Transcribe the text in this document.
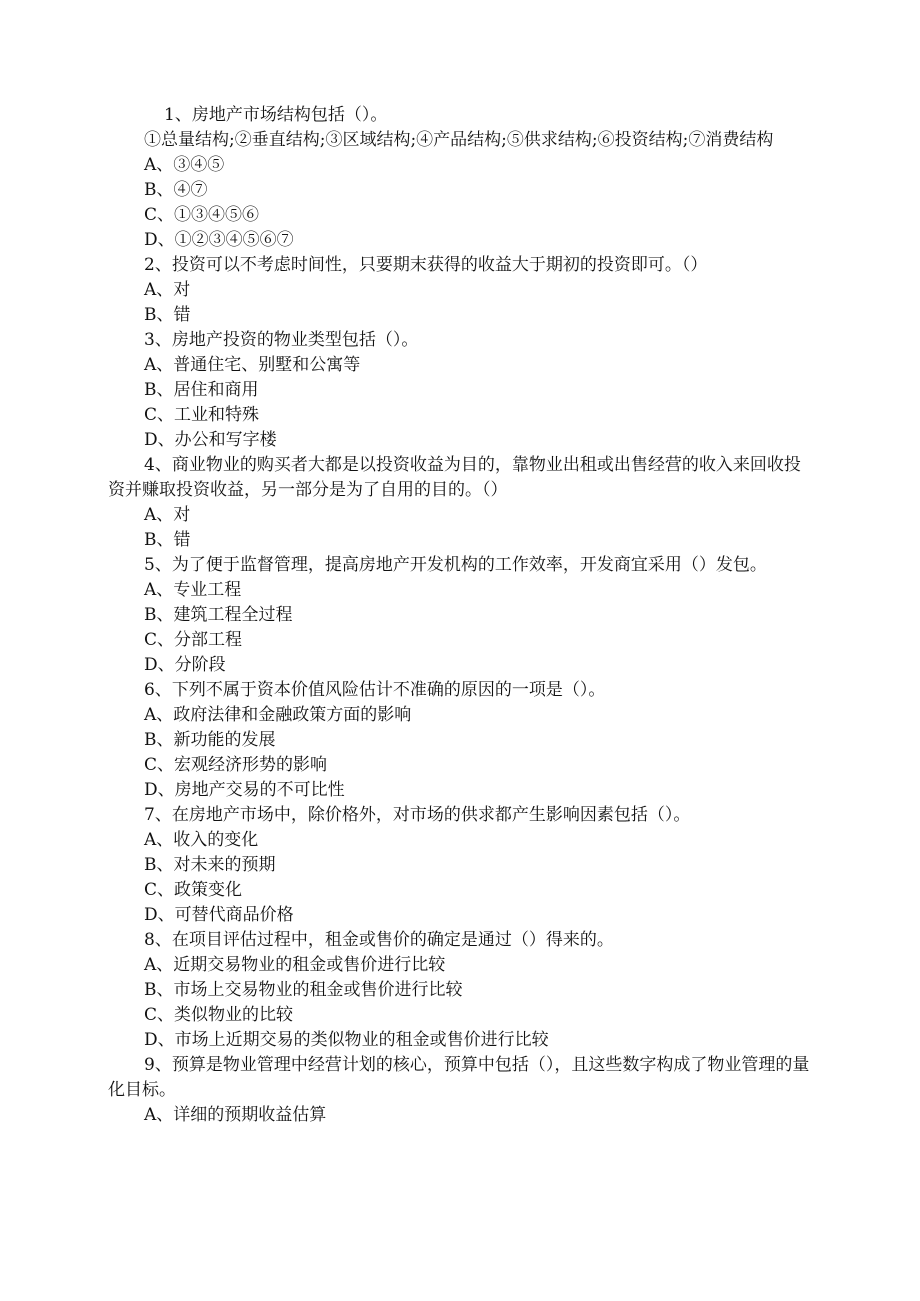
1、房地产市场结构包括（）。

①总量结构;②垂直结构;③区域结构;④产品结构;⑤供求结构;⑥投资结构;⑦消费结构

A、③④⑤

B、④⑦

C、①③④⑤⑥

D、①②③④⑤⑥⑦

2、投资可以不考虑时间性，只要期末获得的收益大于期初的投资即可。（）

A、对

B、错

3、房地产投资的物业类型包括（）。

A、普通住宅、别墅和公寓等

B、居住和商用

C、工业和特殊

D、办公和写字楼

4、商业物业的购买者大都是以投资收益为目的，靠物业出租或出售经营的收入来回收投资并赚取投资收益，另一部分是为了自用的目的。（）

A、对

B、错

5、为了便于监督管理，提高房地产开发机构的工作效率，开发商宜采用（）发包。

A、专业工程

B、建筑工程全过程

C、分部工程

D、分阶段

6、下列不属于资本价值风险估计不准确的原因的一项是（）。

A、政府法律和金融政策方面的影响

B、新功能的发展

C、宏观经济形势的影响

D、房地产交易的不可比性

7、在房地产市场中，除价格外，对市场的供求都产生影响因素包括（）。

A、收入的变化

B、对未来的预期

C、政策变化

D、可替代商品价格

8、在项目评估过程中，租金或售价的确定是通过（）得来的。

A、近期交易物业的租金或售价进行比较

B、市场上交易物业的租金或售价进行比较

C、类似物业的比较

D、市场上近期交易的类似物业的租金或售价进行比较

9、预算是物业管理中经营计划的核心，预算中包括（），且这些数字构成了物业管理的量化目标。

A、详细的预期收益估算
